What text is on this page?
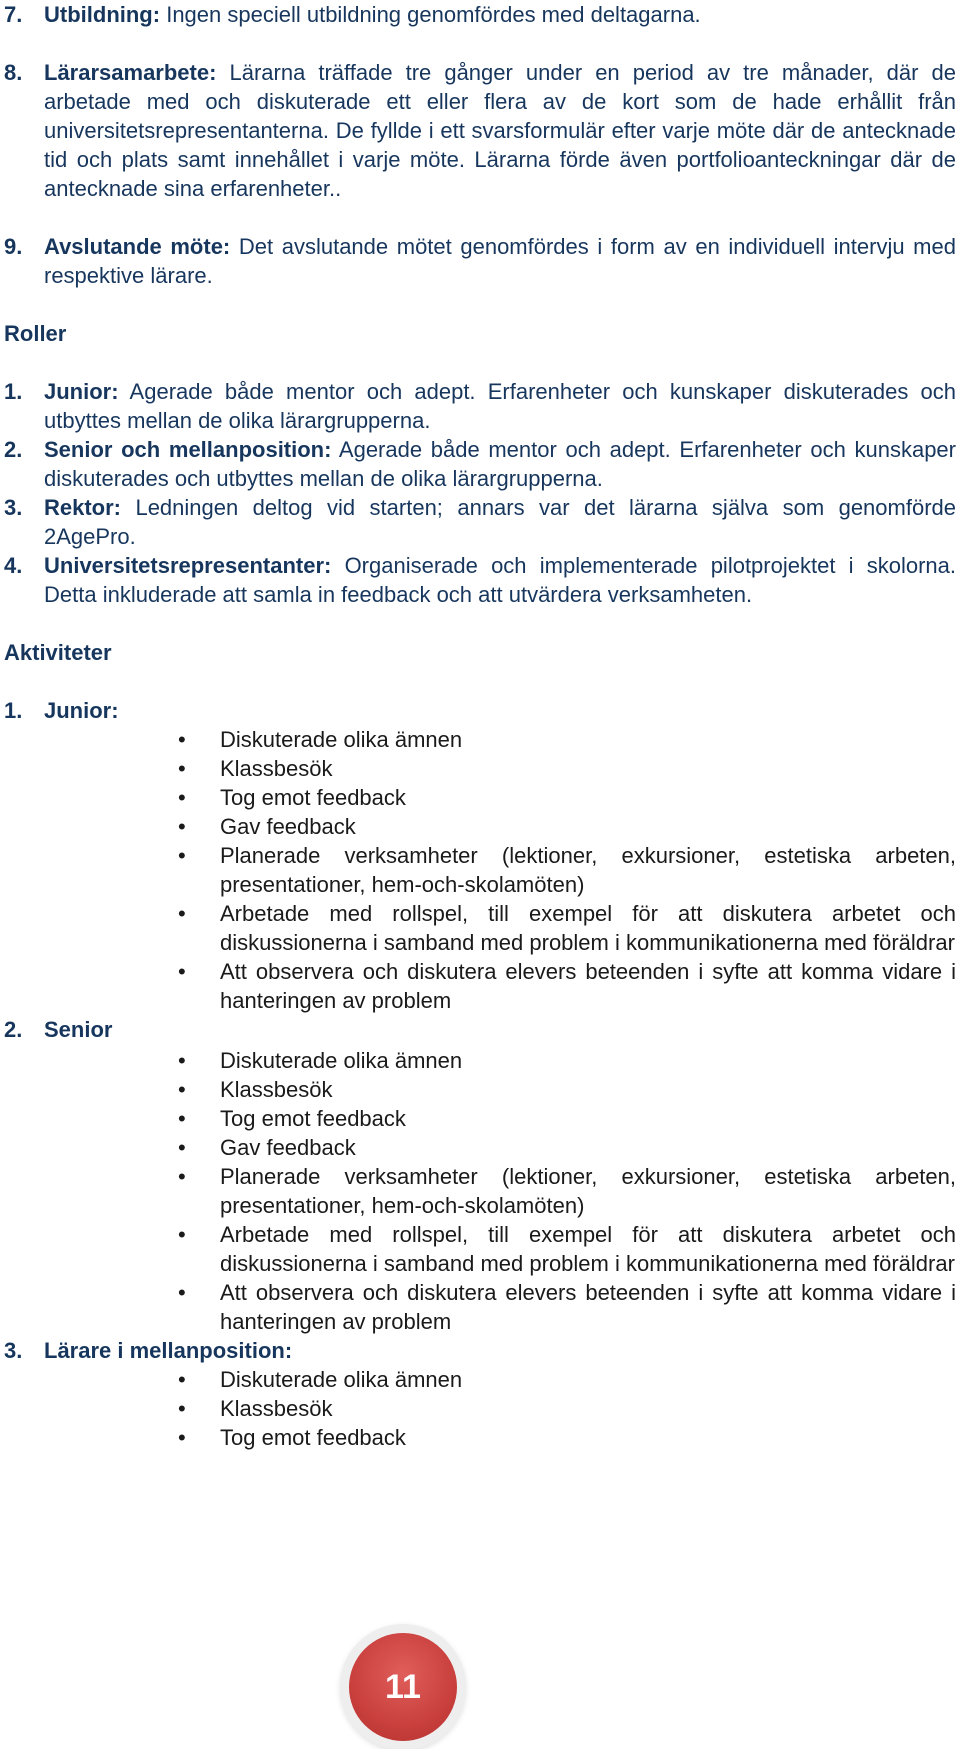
7. Utbildning: Ingen speciell utbildning genomfördes med deltagarna.
8. Lärarsamarbete: Lärarna träffade tre gånger under en period av tre månader, där de arbetade med och diskuterade ett eller flera av de kort som de hade erhållit från universitetsrepresentanterna. De fyllde i ett svarsformulär efter varje möte där de antecknade tid och plats samt innehållet i varje möte. Lärarna förde även portfolioanteckningar där de antecknade sina erfarenheter..
9. Avslutande möte: Det avslutande mötet genomfördes i form av en individuell intervju med respektive lärare.
Roller
1. Junior: Agerade både mentor och adept. Erfarenheter och kunskaper diskuterades och utbyttes mellan de olika lärargrupperna.
2. Senior och mellanposition: Agerade både mentor och adept. Erfarenheter och kunskaper diskuterades och utbyttes mellan de olika lärargrupperna.
3. Rektor: Ledningen deltog vid starten; annars var det lärarna själva som genomförde 2AgePro.
4. Universitetsrepresentanter: Organiserade och implementerade pilotprojektet i skolorna. Detta inkluderade att samla in feedback och att utvärdera verksamheten.
Aktiviteter
1. Junior:
• Diskuterade olika ämnen
• Klassbesök
• Tog emot feedback
• Gav feedback
• Planerade verksamheter (lektioner, exkursioner, estetiska arbeten, presentationer, hem-och-skolamöten)
• Arbetade med rollspel, till exempel för att diskutera arbetet och diskussionerna i samband med problem i kommunikationerna med föräldrar
• Att observera och diskutera elevers beteenden i syfte att komma vidare i hanteringen av problem
2. Senior
• Diskuterade olika ämnen
• Klassbesök
• Tog emot feedback
• Gav feedback
• Planerade verksamheter (lektioner, exkursioner, estetiska arbeten, presentationer, hem-och-skolamöten)
• Arbetade med rollspel, till exempel för att diskutera arbetet och diskussionerna i samband med problem i kommunikationerna med föräldrar
• Att observera och diskutera elevers beteenden i syfte att komma vidare i hanteringen av problem
3. Lärare i mellanposition:
• Diskuterade olika ämnen
• Klassbesök
• Tog emot feedback
11
